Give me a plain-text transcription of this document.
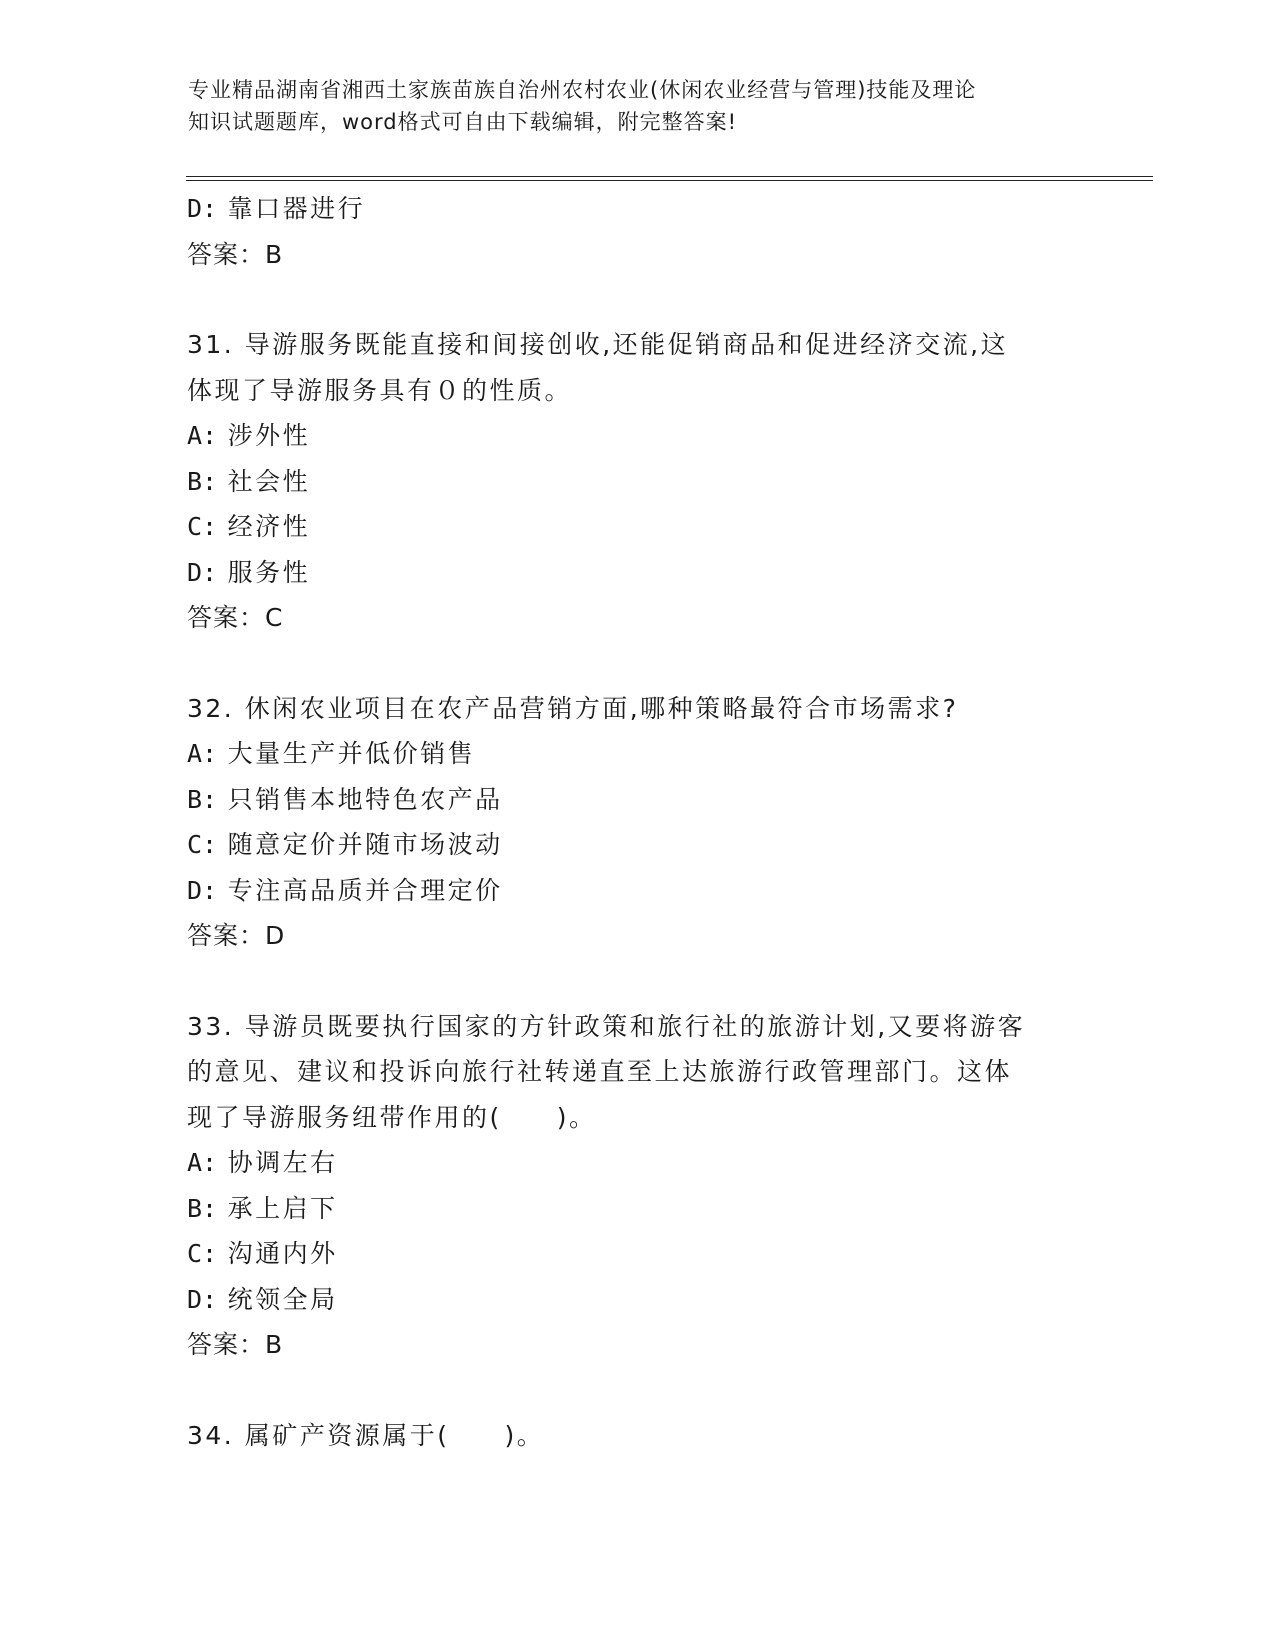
专业精品湖南省湘西土家族苗族自治州农村农业(休闲农业经营与管理)技能及理论
知识试题题库，word格式可自由下载编辑，附完整答案!
D: 靠口器进行
答案：B
31. 导游服务既能直接和间接创收,还能促销商品和促进经济交流,这
体现了导游服务具有０的性质。
A: 涉外性
B: 社会性
C: 经济性
D: 服务性
答案：C
32. 休闲农业项目在农产品营销方面,哪种策略最符合市场需求?
A: 大量生产并低价销售
B: 只销售本地特色农产品
C: 随意定价并随市场波动
D: 专注高品质并合理定价
答案：D
33. 导游员既要执行国家的方针政策和旅行社的旅游计划,又要将游客
的意见、建议和投诉向旅行社转递直至上达旅游行政管理部门。这体
现了导游服务纽带作用的(　　)。
A: 协调左右
B: 承上启下
C: 沟通内外
D: 统领全局
答案：B
34. 属矿产资源属于(　　)。
